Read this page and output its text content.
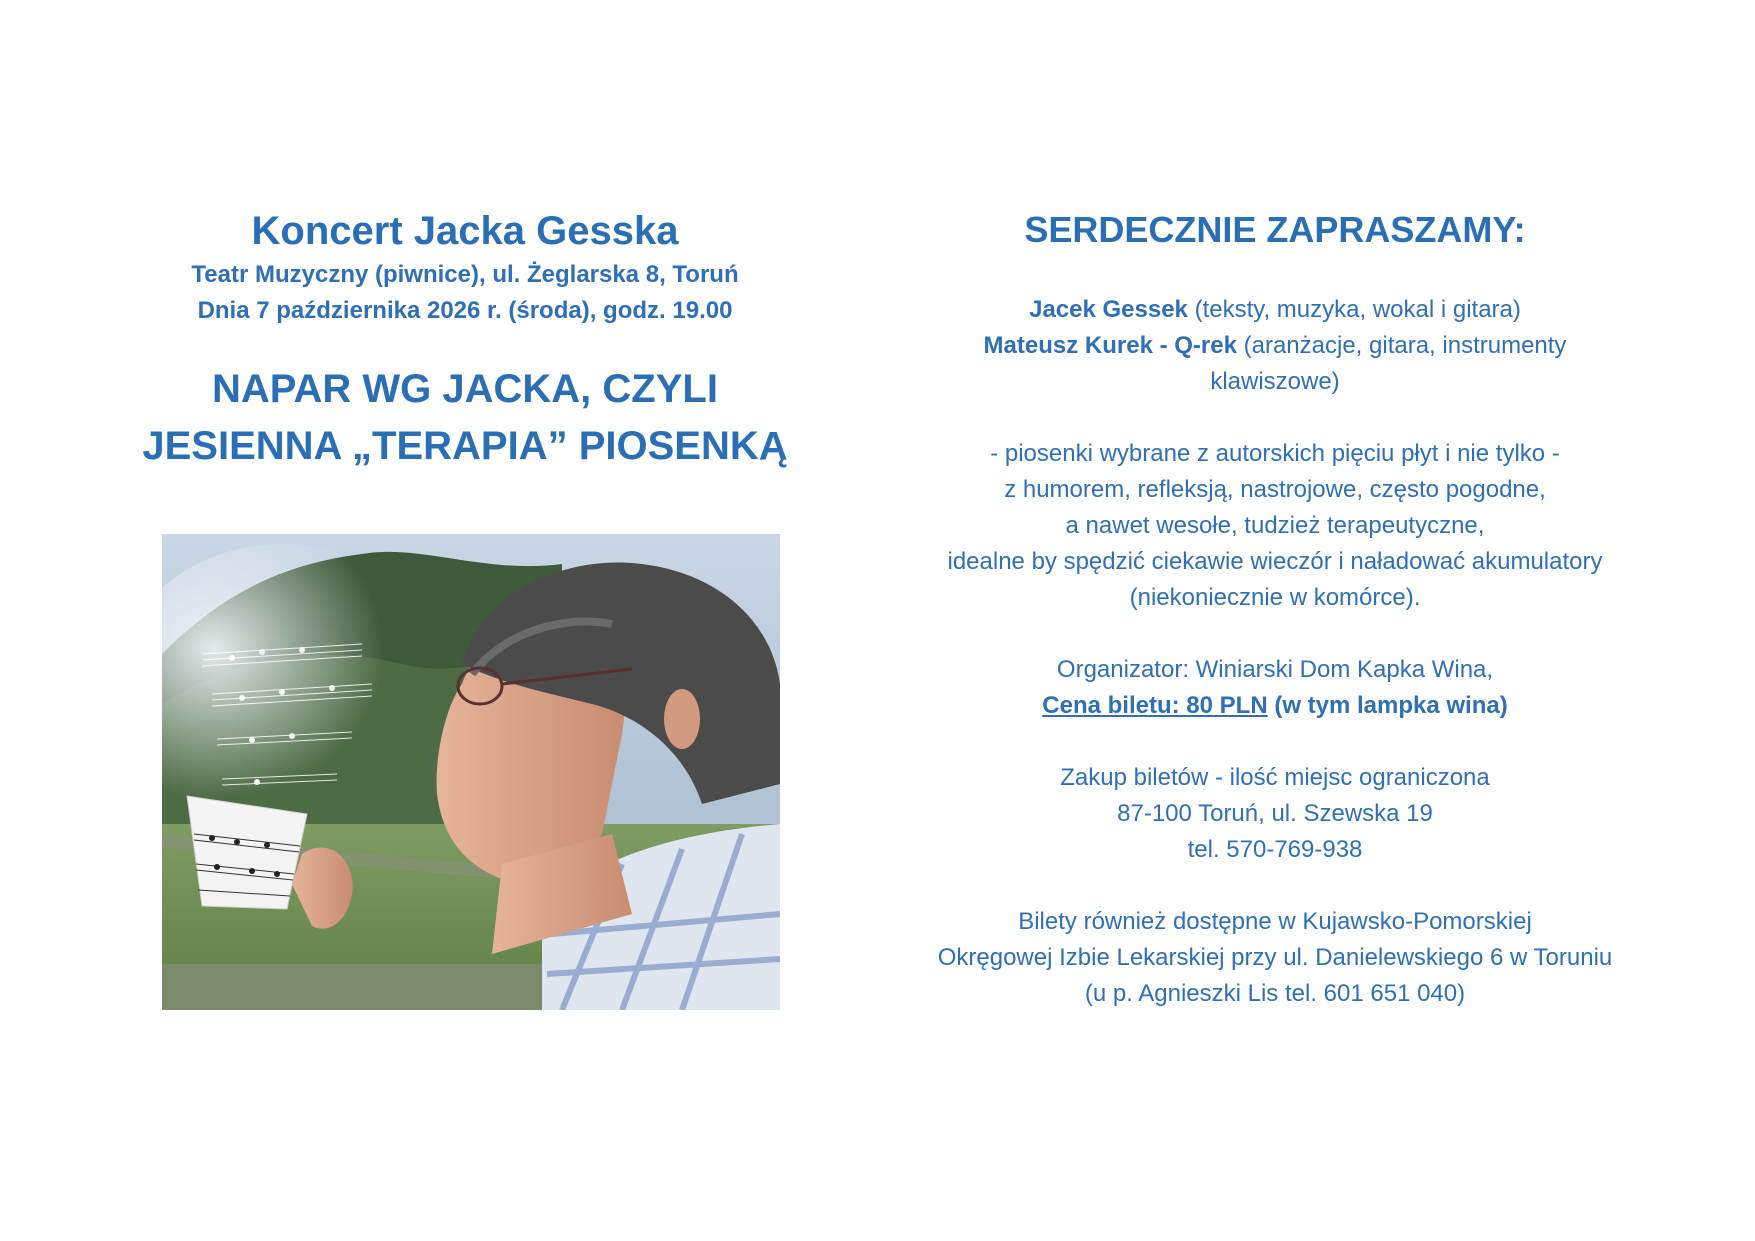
Koncert Jacka Gesska
Teatr Muzyczny (piwnice), ul. Żeglarska 8, Toruń
Dnia 7 października 2026 r. (środa), godz. 19.00
NAPAR WG JACKA, CZYLI
JESIENNA „TERAPIA” PIOSENKĄ
SERDECZNIE ZAPRASZAMY:
Jacek Gessek (teksty, muzyka, wokal i gitara)
Mateusz Kurek - Q-rek (aranżacje, gitara, instrumenty
klawiszowe)
- piosenki wybrane z autorskich pięciu płyt i nie tylko -
z humorem, refleksją, nastrojowe, często pogodne,
a nawet wesołe, tudzież terapeutyczne,
idealne by spędzić ciekawie wieczór i naładować akumulatory
(niekoniecznie w komórce).
Organizator: Winiarski Dom Kapka Wina,
Cena biletu: 80 PLN (w tym lampka wina)
Zakup biletów - ilość miejsc ograniczona
87-100 Toruń, ul. Szewska 19
tel. 570-769-938
Bilety również dostępne w Kujawsko-Pomorskiej
Okręgowej Izbie Lekarskiej przy ul. Danielewskiego 6 w Toruniu
(u p. Agnieszki Lis tel. 601 651 040)
